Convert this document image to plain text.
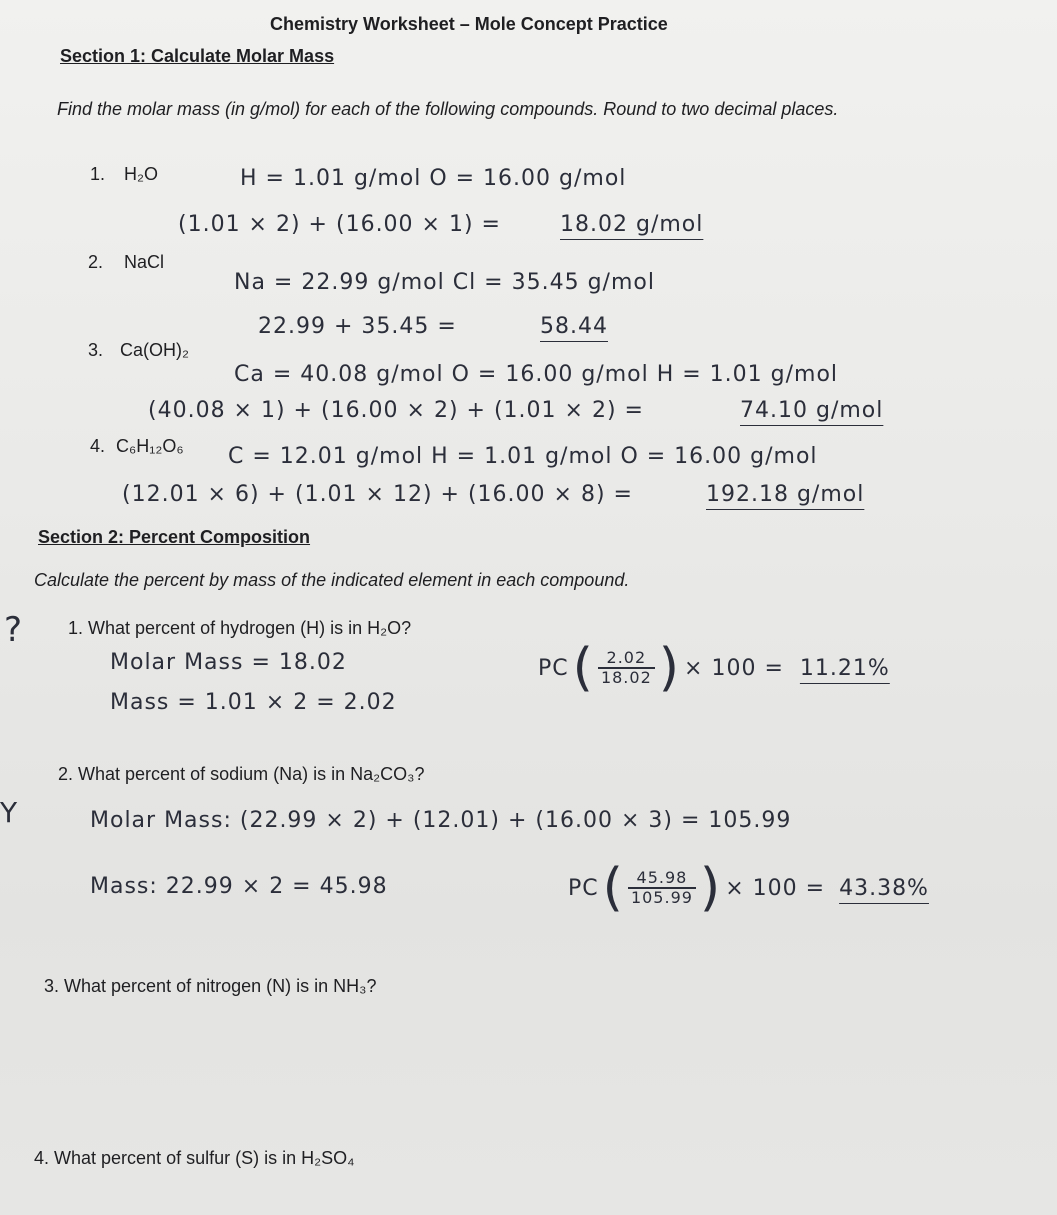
Chemistry Worksheet – Mole Concept Practice
Section 1: Calculate Molar Mass
Find the molar mass (in g/mol) for each of the following compounds. Round to two decimal places.
1. H₂O	H = 1.01 g/mol O = 16.00 g/mol
(1.01 × 2) + (16.00 × 1) =	18.02 g/mol
2. NaCl
Na = 22.99 g/mol Cl = 35.45 g/mol
22.99 + 35.45 =	58.44
3. Ca(OH)₂
Ca = 40.08 g/mol O = 16.00 g/mol H = 1.01 g/mol
(40.08 × 1) + (16.00 × 2) + (1.01 × 2) =	74.10 g/mol
4. C₆H₁₂O₆ C = 12.01 g/mol H = 1.01 g/mol O = 16.00 g/mol
(12.01 × 6) + (1.01 × 12) + (16.00 × 8) =	192.18 g/mol
Section 2: Percent Composition
Calculate the percent by mass of the indicated element in each compound.
?	1. What percent of hydrogen (H) is in H₂O?
Molar Mass = 18.02
Mass = 1.01 × 2 = 2.02
PC ( $\frac{2.02}{18.02}$ ) × 100 = 11.21%
Y
2. What percent of sodium (Na) is in Na₂CO₃?
Molar Mass: (22.99 × 2) + (12.01) + (16.00 × 3) = 105.99
Mass: 22.99 × 2 = 45.98	PC ( $\frac{45.98}{105.99}$ ) × 100 = 43.38%
3. What percent of nitrogen (N) is in NH₃?
4. What percent of sulfur (S) is in H₂SO₄
